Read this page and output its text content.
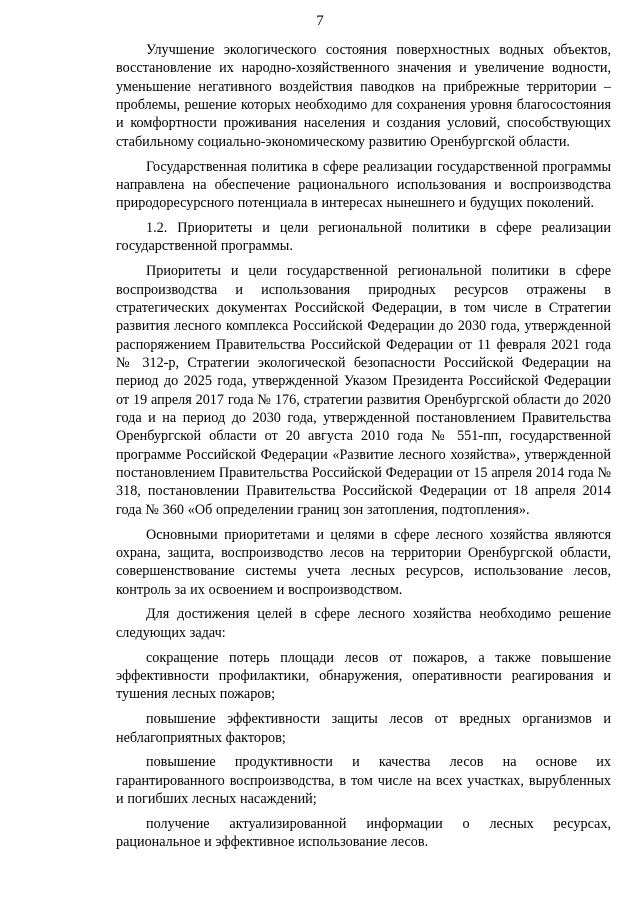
7

Улучшение экологического состояния поверхностных водных объектов, восстановление их народно-хозяйственного значения и увеличение водности, уменьшение негативного воздействия паводков на прибрежные территории – проблемы, решение которых необходимо для сохранения уровня благосостояния и комфортности проживания населения и создания условий, способствующих стабильному социально-экономическому развитию Оренбургской области.

Государственная политика в сфере реализации государственной программы направлена на обеспечение рационального использования и воспроизводства природоресурсного потенциала в интересах нынешнего и будущих поколений.

1.2. Приоритеты и цели региональной политики в сфере реализации государственной программы.

Приоритеты и цели государственной региональной политики в сфере воспроизводства и использования природных ресурсов отражены в стратегических документах Российской Федерации, в том числе в Стратегии развития лесного комплекса Российской Федерации до 2030 года, утвержденной распоряжением Правительства Российской Федерации от 11 февраля 2021 года № 312-р, Стратегии экологической безопасности Российской Федерации на период до 2025 года, утвержденной Указом Президента Российской Федерации от 19 апреля 2017 года № 176, стратегии развития Оренбургской области до 2020 года и на период до 2030 года, утвержденной постановлением Правительства Оренбургской области от 20 августа 2010 года № 551-пп, государственной программе Российской Федерации «Развитие лесного хозяйства», утвержденной постановлением Правительства Российской Федерации от 15 апреля 2014 года № 318, постановлении Правительства Российской Федерации от 18 апреля 2014 года № 360 «Об определении границ зон затопления, подтопления».

Основными приоритетами и целями в сфере лесного хозяйства являются охрана, защита, воспроизводство лесов на территории Оренбургской области, совершенствование системы учета лесных ресурсов, использование лесов, контроль за их освоением и воспроизводством.

Для достижения целей в сфере лесного хозяйства необходимо решение следующих задач:

сокращение потерь площади лесов от пожаров, а также повышение эффективности профилактики, обнаружения, оперативности реагирования и тушения лесных пожаров;

повышение эффективности защиты лесов от вредных организмов и неблагоприятных факторов;

повышение продуктивности и качества лесов на основе их гарантированного воспроизводства, в том числе на всех участках, вырубленных и погибших лесных насаждений;

получение актуализированной информации о лесных ресурсах, рациональное и эффективное использование лесов.
